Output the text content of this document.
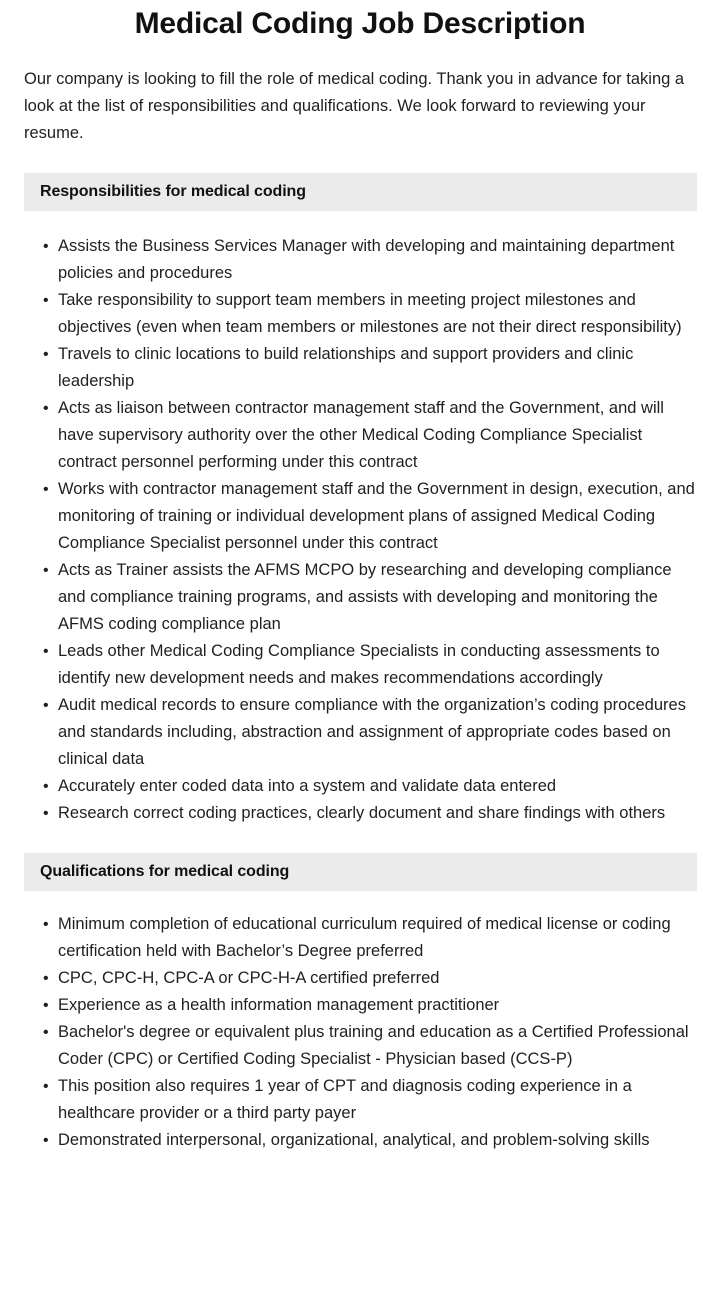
Medical Coding Job Description

Our company is looking to fill the role of medical coding. Thank you in advance for taking a look at the list of responsibilities and qualifications. We look forward to reviewing your resume.

Responsibilities for medical coding
• Assists the Business Services Manager with developing and maintaining department policies and procedures
• Take responsibility to support team members in meeting project milestones and objectives (even when team members or milestones are not their direct responsibility)
• Travels to clinic locations to build relationships and support providers and clinic leadership
• Acts as liaison between contractor management staff and the Government, and will have supervisory authority over the other Medical Coding Compliance Specialist contract personnel performing under this contract
• Works with contractor management staff and the Government in design, execution, and monitoring of training or individual development plans of assigned Medical Coding Compliance Specialist personnel under this contract
• Acts as Trainer assists the AFMS MCPO by researching and developing compliance and compliance training programs, and assists with developing and monitoring the AFMS coding compliance plan
• Leads other Medical Coding Compliance Specialists in conducting assessments to identify new development needs and makes recommendations accordingly
• Audit medical records to ensure compliance with the organization’s coding procedures and standards including, abstraction and assignment of appropriate codes based on clinical data
• Accurately enter coded data into a system and validate data entered
• Research correct coding practices, clearly document and share findings with others
Qualifications for medical coding
• Minimum completion of educational curriculum required of medical license or coding certification held with Bachelor’s Degree preferred
• CPC, CPC-H, CPC-A or CPC-H-A certified preferred
• Experience as a health information management practitioner
• Bachelor's degree or equivalent plus training and education as a Certified Professional Coder (CPC) or Certified Coding Specialist - Physician based (CCS-P)
• This position also requires 1 year of CPT and diagnosis coding experience in a healthcare provider or a third party payer
• Demonstrated interpersonal, organizational, analytical, and problem-solving skills
